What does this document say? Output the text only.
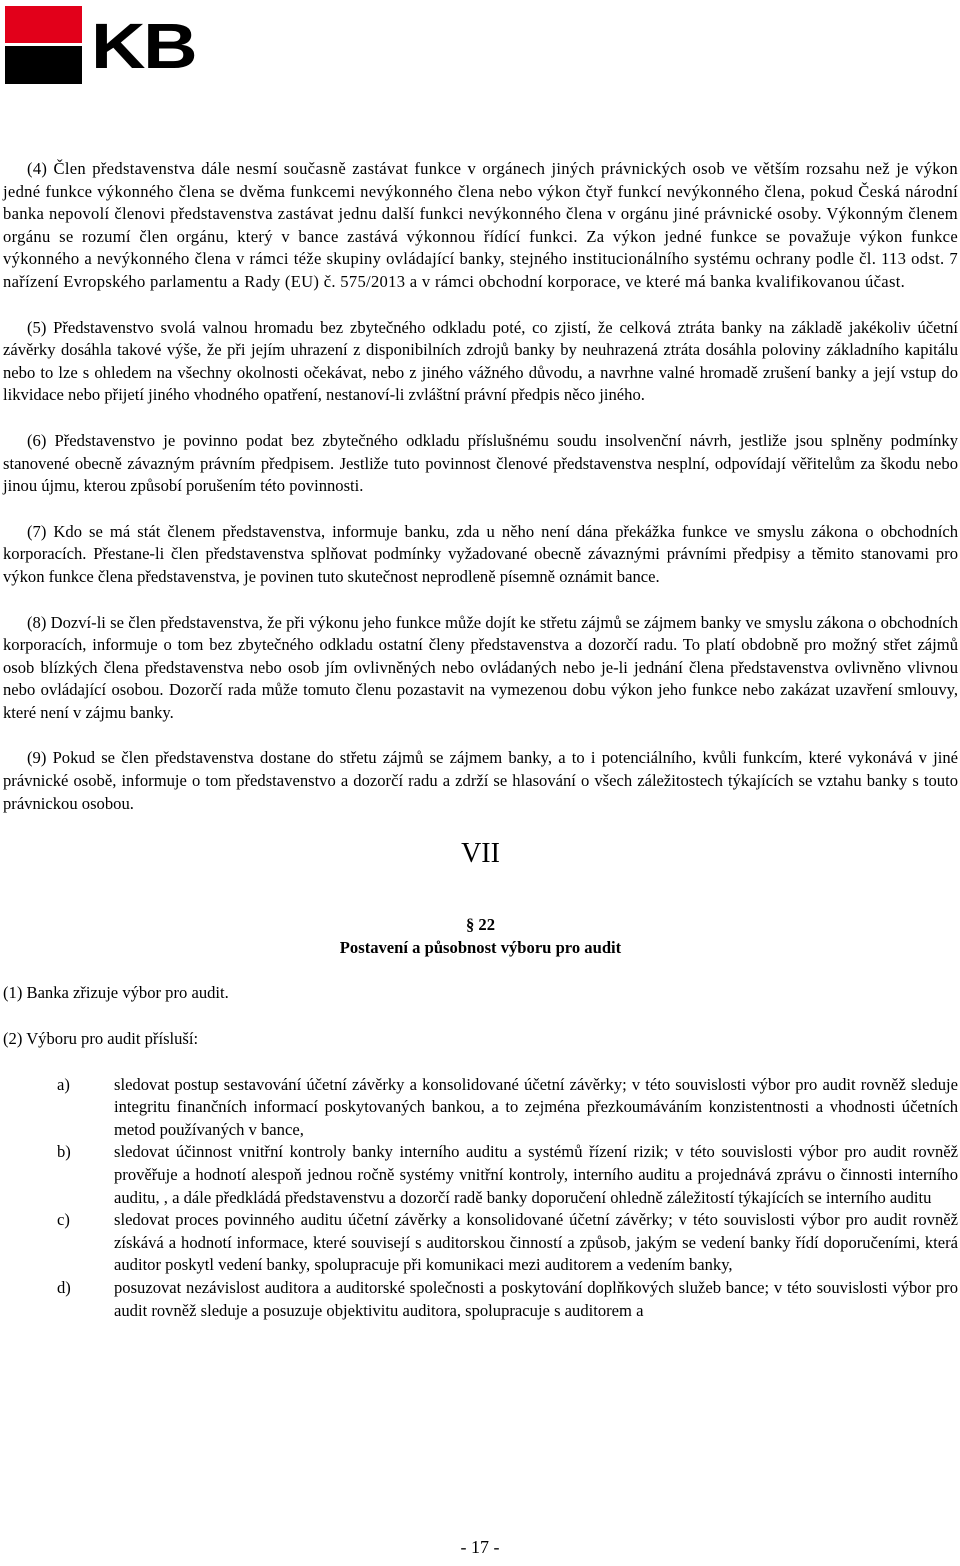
KB

(4) Člen představenstva dále nesmí současně zastávat funkce v orgánech jiných právnických osob ve větším rozsahu než je výkon jedné funkce výkonného člena se dvěma funkcemi nevýkonného člena nebo výkon čtyř funkcí nevýkonného člena, pokud Česká národní banka nepovolí členovi představenstva zastávat jednu další funkci nevýkonného člena v orgánu jiné právnické osoby. Výkonným členem orgánu se rozumí člen orgánu, který v bance zastává výkonnou řídící funkci. Za výkon jedné funkce se považuje výkon funkce výkonného a nevýkonného člena v rámci téže skupiny ovládající banky, stejného institucionálního systému ochrany podle čl. 113 odst. 7 nařízení Evropského parlamentu a Rady (EU) č. 575/2013 a v rámci obchodní korporace, ve které má banka kvalifikovanou účast.

(5) Představenstvo svolá valnou hromadu bez zbytečného odkladu poté, co zjistí, že celková ztráta banky na základě jakékoliv účetní závěrky dosáhla takové výše, že při jejím uhrazení z disponibilních zdrojů banky by neuhrazená ztráta dosáhla poloviny základního kapitálu nebo to lze s ohledem na všechny okolnosti očekávat, nebo z jiného vážného důvodu, a navrhne valné hromadě zrušení banky a její vstup do likvidace nebo přijetí jiného vhodného opatření, nestanoví-li zvláštní právní předpis něco jiného.

(6) Představenstvo je povinno podat bez zbytečného odkladu příslušnému soudu insolvenční návrh, jestliže jsou splněny podmínky stanovené obecně závazným právním předpisem. Jestliže tuto povinnost členové představenstva nesplní, odpovídají věřitelům za škodu nebo jinou újmu, kterou způsobí porušením této povinnosti.

(7) Kdo se má stát členem představenstva, informuje banku, zda u něho není dána překážka funkce ve smyslu zákona o obchodních korporacích. Přestane-li člen představenstva splňovat podmínky vyžadované obecně závaznými právními předpisy a těmito stanovami pro výkon funkce člena představenstva, je povinen tuto skutečnost neprodleně písemně oznámit bance.

(8) Dozví-li se člen představenstva, že při výkonu jeho funkce může dojít ke střetu zájmů se zájmem banky ve smyslu zákona o obchodních korporacích, informuje o tom bez zbytečného odkladu ostatní členy představenstva a dozorčí radu. To platí obdobně pro možný střet zájmů osob blízkých člena představenstva nebo osob jím ovlivněných nebo ovládaných nebo je-li jednání člena představenstva ovlivněno vlivnou nebo ovládající osobou. Dozorčí rada může tomuto členu pozastavit na vymezenou dobu výkon jeho funkce nebo zakázat uzavření smlouvy, které není v zájmu banky.

(9) Pokud se člen představenstva dostane do střetu zájmů se zájmem banky, a to i potenciálního, kvůli funkcím, které vykonává v jiné právnické osobě, informuje o tom představenstvo a dozorčí radu a zdrží se hlasování o všech záležitostech týkajících se vztahu banky s touto právnickou osobou.

VII
§ 22
Postavení a působnost výboru pro audit

(1) Banka zřizuje výbor pro audit.

(2) Výboru pro audit přísluší:

a)	sledovat postup sestavování účetní závěrky a konsolidované účetní závěrky; v této souvislosti výbor pro audit rovněž sleduje integritu finančních informací poskytovaných bankou, a to zejména přezkoumáváním konzistentnosti a vhodnosti účetních metod používaných v bance,
b)	sledovat účinnost vnitřní kontroly banky interního auditu a systémů řízení rizik; v této souvislosti výbor pro audit rovněž prověřuje a hodnotí alespoň jednou ročně systémy vnitřní kontroly, interního auditu a projednává zprávu o činnosti interního auditu, , a dále předkládá představenstvu a dozorčí radě banky doporučení ohledně záležitostí týkajících se interního auditu
c)	sledovat proces povinného auditu účetní závěrky a konsolidované účetní závěrky; v této souvislosti výbor pro audit rovněž získává a hodnotí informace, které souvisejí s auditorskou činností a způsob, jakým se vedení banky řídí doporučeními, která auditor poskytl vedení banky, spolupracuje při komunikaci mezi auditorem a vedením banky,
d)	posuzovat nezávislost auditora a auditorské společnosti a poskytování doplňkových služeb bance; v této souvislosti výbor pro audit rovněž sleduje a posuzuje objektivitu auditora, spolupracuje s auditorem a
- 17 -
